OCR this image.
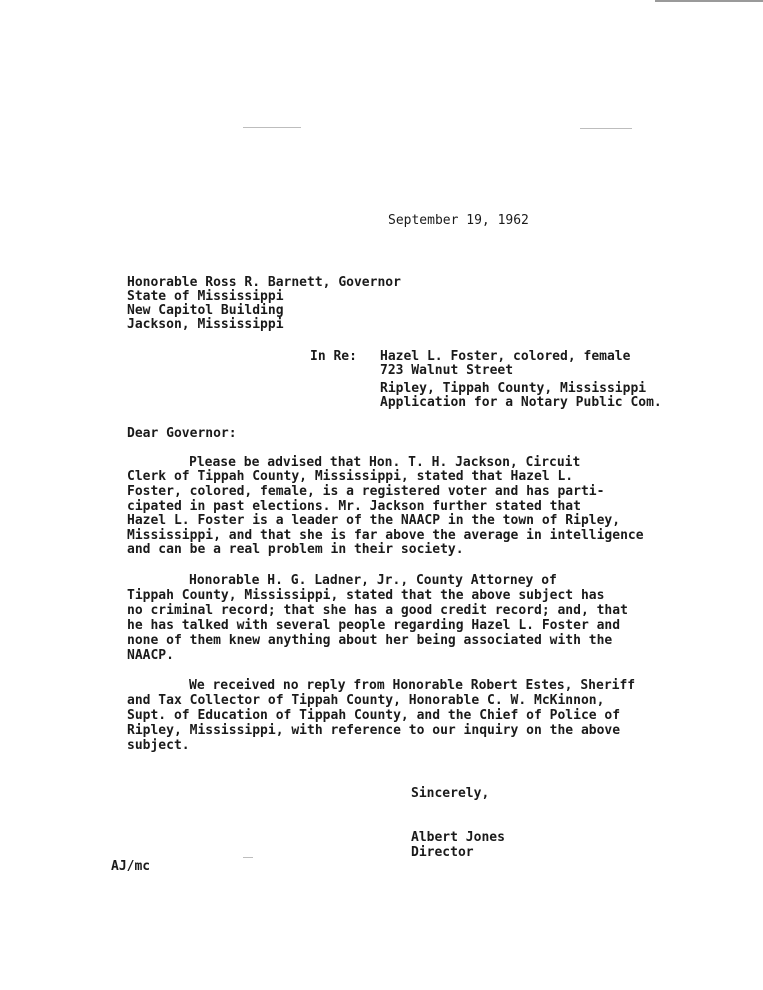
September 19, 1962
Honorable Ross R. Barnett, Governor
State of Mississippi
New Capitol Building
Jackson, Mississippi
In Re: Hazel L. Foster, colored, female
723 Walnut Street
Ripley, Tippah County, Mississippi
Application for a Notary Public Com.
Dear Governor:
Please be advised that Hon. T. H. Jackson, Circuit
Clerk of Tippah County, Mississippi, stated that Hazel L.
Foster, colored, female, is a registered voter and has parti-
cipated in past elections. Mr. Jackson further stated that
Hazel L. Foster is a leader of the NAACP in the town of Ripley,
Mississippi, and that she is far above the average in intelligence
and can be a real problem in their society.
Honorable H. G. Ladner, Jr., County Attorney of
Tippah County, Mississippi, stated that the above subject has
no criminal record; that she has a good credit record; and, that
he has talked with several people regarding Hazel L. Foster and
none of them knew anything about her being associated with the
NAACP.
We received no reply from Honorable Robert Estes, Sheriff
and Tax Collector of Tippah County, Honorable C. W. McKinnon,
Supt. of Education of Tippah County, and the Chief of Police of
Ripley, Mississippi, with reference to our inquiry on the above
subject.
Sincerely,
Albert Jones
Director
AJ/mc
